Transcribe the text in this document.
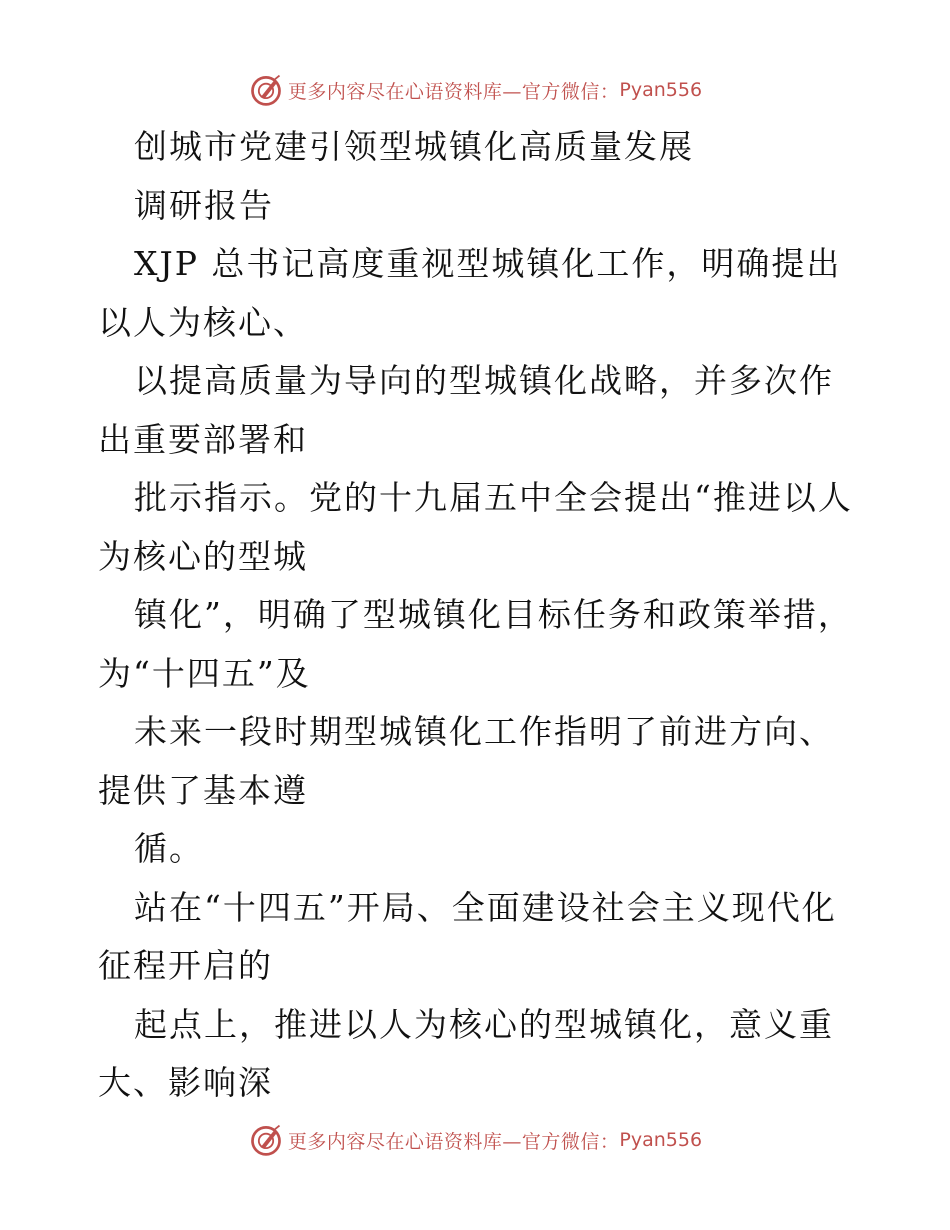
更多内容尽在心语资料库—官方微信： Pyan556

创城市党建引领型城镇化高质量发展

调研报告

XJP 总书记高度重视型城镇化工作，明确提出以人为核心、

以提高质量为导向的型城镇化战略，并多次作出重要部署和

批示指示。党的十九届五中全会提出“推进以人为核心的型城

镇化”，明确了型城镇化目标任务和政策举措，为“十四五”及

未来一段时期型城镇化工作指明了前进方向、提供了基本遵

循。

站在“十四五”开局、全面建设社会主义现代化征程开启的

起点上，推进以人为核心的型城镇化，意义重大、影响深

更多内容尽在心语资料库—官方微信： Pyan556
